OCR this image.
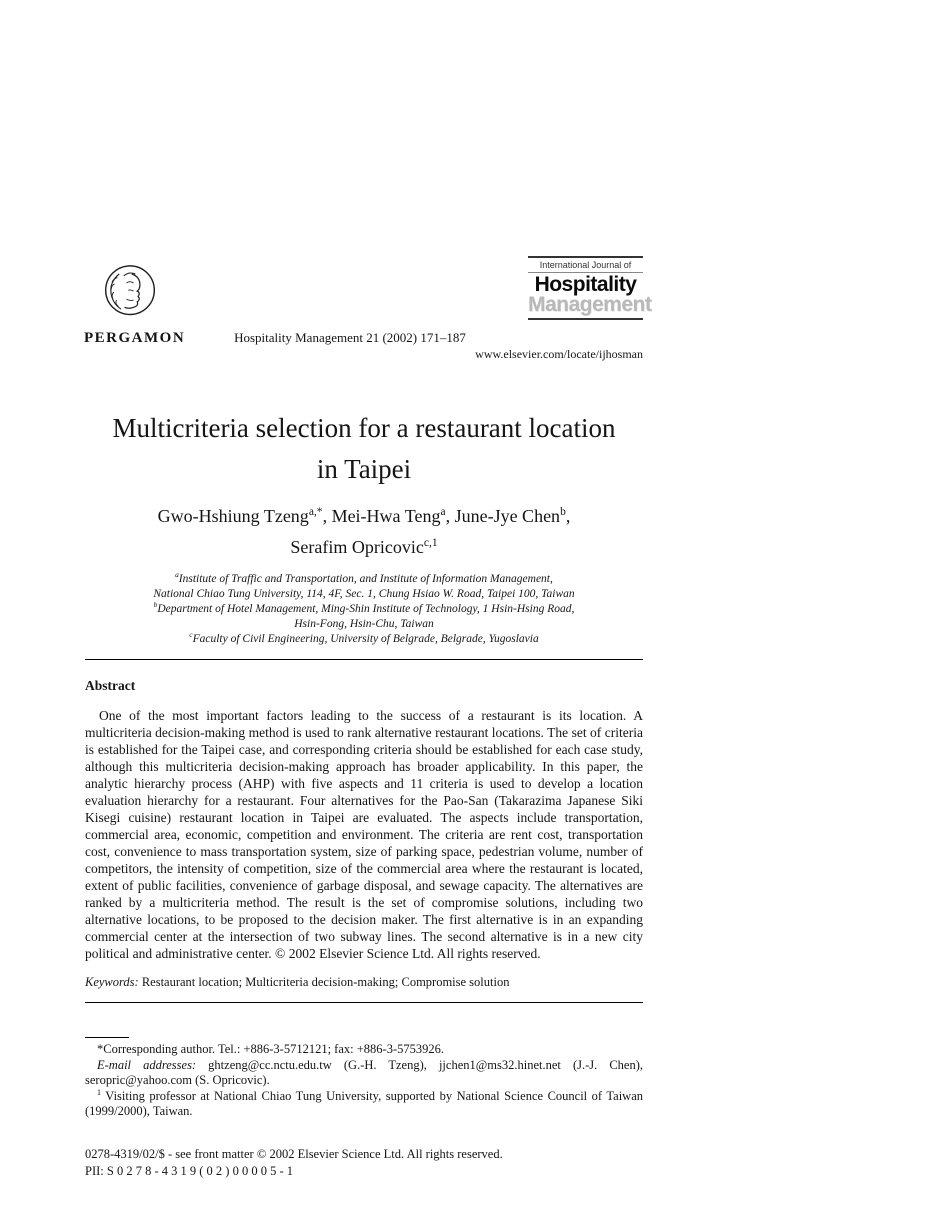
PERGAMON	Hospitality Management 21 (2002) 171–187
International Journal of
Hospitality
Management
www.elsevier.com/locate/ijhosman
Multicriteria selection for a restaurant location
in Taipei
Gwo-Hshiung Tzeng$^{a,*}$, Mei-Hwa Teng$^a$, June-Jye Chen$^b$,
Serafim Opricovic$^{c,1}$
$^a$Institute of Traffic and Transportation, and Institute of Information Management,
National Chiao Tung University, 114, 4F, Sec. 1, Chung Hsiao W. Road, Taipei 100, Taiwan
$^b$Department of Hotel Management, Ming-Shin Institute of Technology, 1 Hsin-Hsing Road,
Hsin-Fong, Hsin-Chu, Taiwan
$^c$Faculty of Civil Engineering, University of Belgrade, Belgrade, Yugoslavia
Abstract
One of the most important factors leading to the success of a restaurant is its location. A multicriteria decision-making method is used to rank alternative restaurant locations. The set of criteria is established for the Taipei case, and corresponding criteria should be established for each case study, although this multicriteria decision-making approach has broader applicability. In this paper, the analytic hierarchy process (AHP) with five aspects and 11 criteria is used to develop a location evaluation hierarchy for a restaurant. Four alternatives for the Pao-San (Takarazima Japanese Siki Kisegi cuisine) restaurant location in Taipei are evaluated. The aspects include transportation, commercial area, economic, competition and environment. The criteria are rent cost, transportation cost, convenience to mass transportation system, size of parking space, pedestrian volume, number of competitors, the intensity of competition, size of the commercial area where the restaurant is located, extent of public facilities, convenience of garbage disposal, and sewage capacity. The alternatives are ranked by a multicriteria method. The result is the set of compromise solutions, including two alternative locations, to be proposed to the decision maker. The first alternative is in an expanding commercial center at the intersection of two subway lines. The second alternative is in a new city political and administrative center. © 2002 Elsevier Science Ltd. All rights reserved.
Keywords: Restaurant location; Multicriteria decision-making; Compromise solution

*Corresponding author. Tel.: +886-3-5712121; fax: +886-3-5753926.

E-mail addresses: ghtzeng@cc.nctu.edu.tw (G.-H. Tzeng), jjchen1@ms32.hinet.net (J.-J. Chen), seropric@yahoo.com (S. Opricovic).

$^1$ Visiting professor at National Chiao Tung University, supported by National Science Council of Taiwan (1999/2000), Taiwan.

0278-4319/02/$ - see front matter © 2002 Elsevier Science Ltd. All rights reserved.
PII: S 0 2 7 8 - 4 3 1 9 ( 0 2 ) 0 0 0 0 5 - 1
